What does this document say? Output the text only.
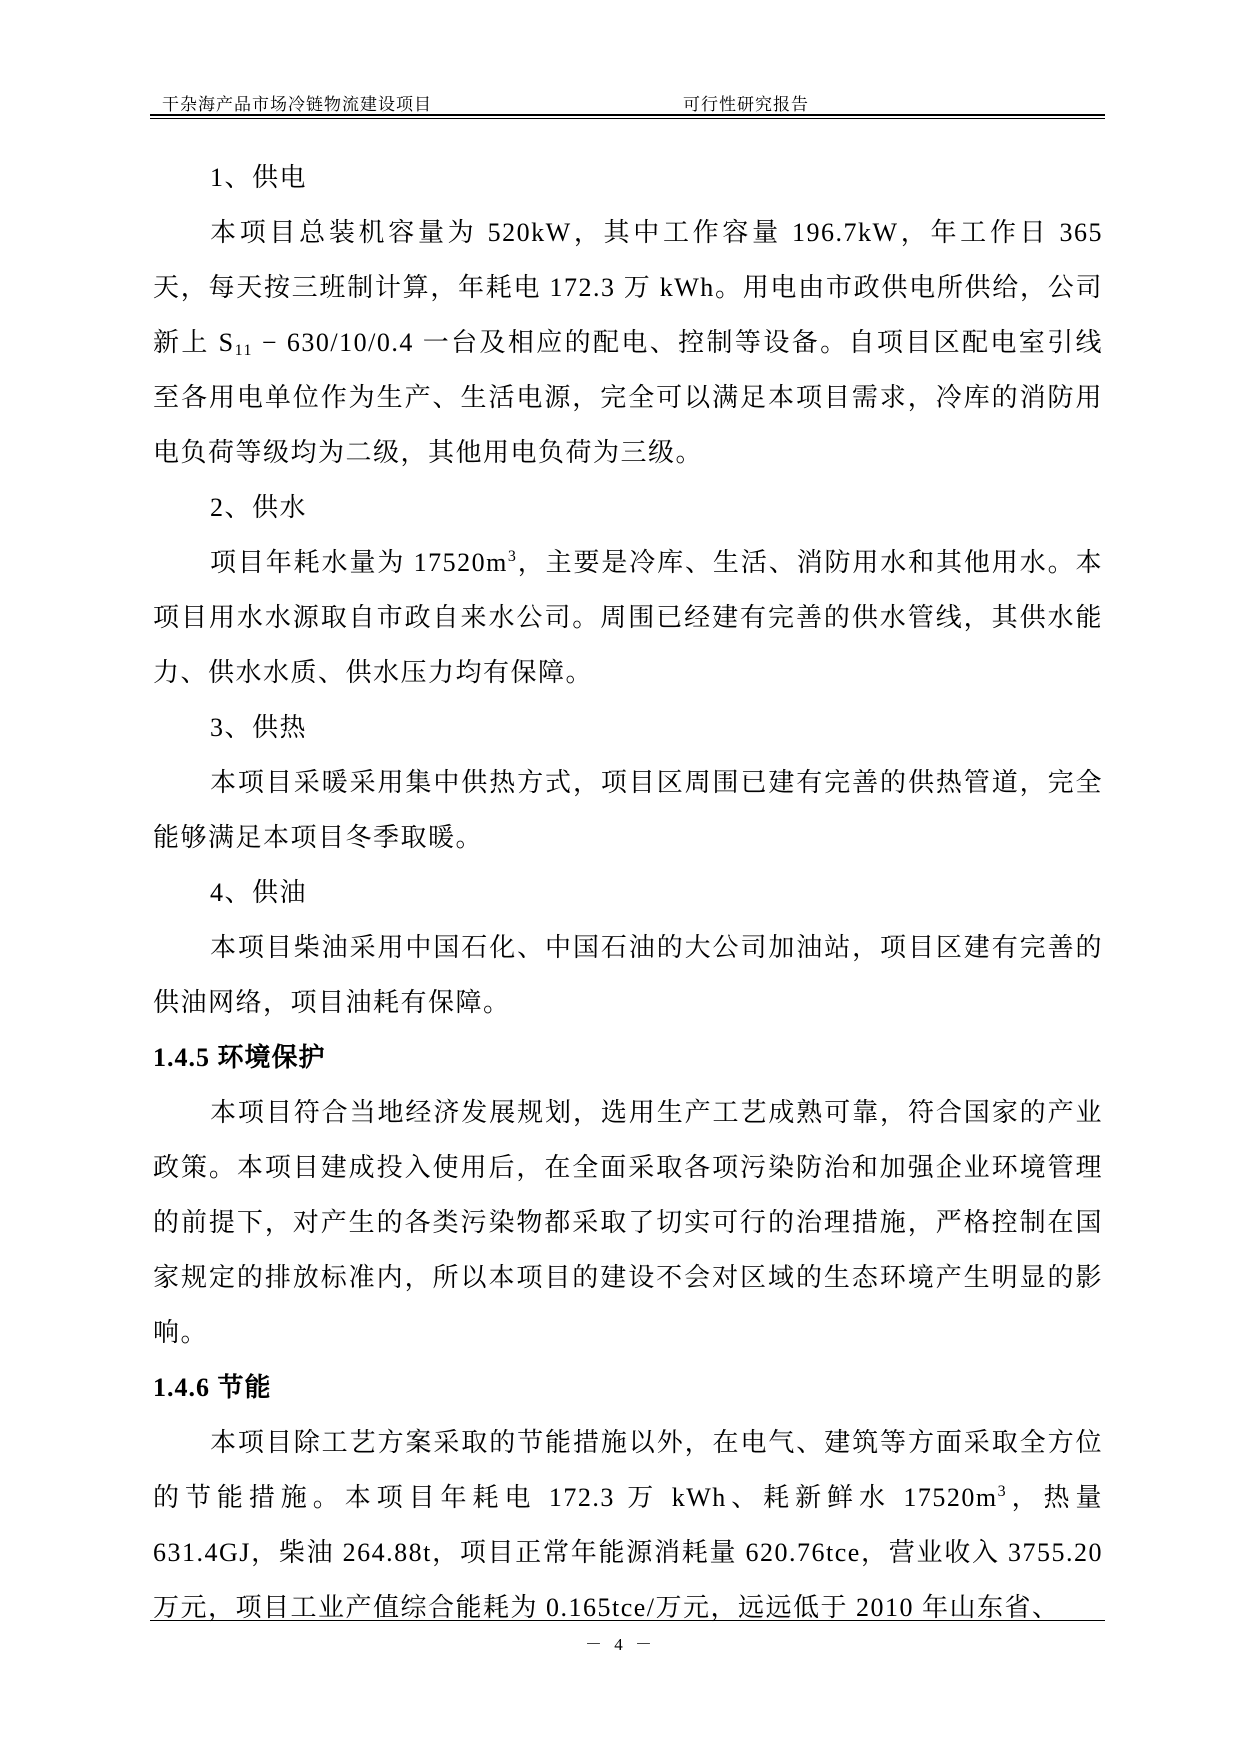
干杂海产品市场冷链物流建设项目	可行性研究报告

1、供电

本项目总装机容量为 520kW，其中工作容量 196.7kW，年工作日 365 天，每天按三班制计算，年耗电 172.3 万 kWh。用电由市政供电所供给，公司新上 $S_{11} - 630/10/0.4$ 一台及相应的配电、控制等设备。自项目区配电室引线至各用电单位作为生产、生活电源，完全可以满足本项目需求，冷库的消防用电负荷等级均为二级，其他用电负荷为三级。

2、供水

项目年耗水量为 $17520m^3$，主要是冷库、生活、消防用水和其他用水。本项目用水水源取自市政自来水公司。周围已经建有完善的供水管线，其供水能力、供水水质、供水压力均有保障。

3、供热

本项目采暖采用集中供热方式，项目区周围已建有完善的供热管道，完全能够满足本项目冬季取暖。

4、供油

本项目柴油采用中国石化、中国石油的大公司加油站，项目区建有完善的供油网络，项目油耗有保障。

1.4.5 环境保护

本项目符合当地经济发展规划，选用生产工艺成熟可靠，符合国家的产业政策。本项目建成投入使用后，在全面采取各项污染防治和加强企业环境管理的前提下，对产生的各类污染物都采取了切实可行的治理措施，严格控制在国家规定的排放标准内，所以本项目的建设不会对区域的生态环境产生明显的影响。

1.4.6 节能

本项目除工艺方案采取的节能措施以外，在电气、建筑等方面采取全方位的节能措施。本项目年耗电 172.3 万 kWh、耗新鲜水 $17520m^3$，热量 631.4GJ，柴油 264.88t，项目正常年能源消耗量 620.76tce，营业收入 3755.20 万元，项目工业产值综合能耗为 0.165tce/万元，远远低于 2010 年山东省、

－ 4 －
